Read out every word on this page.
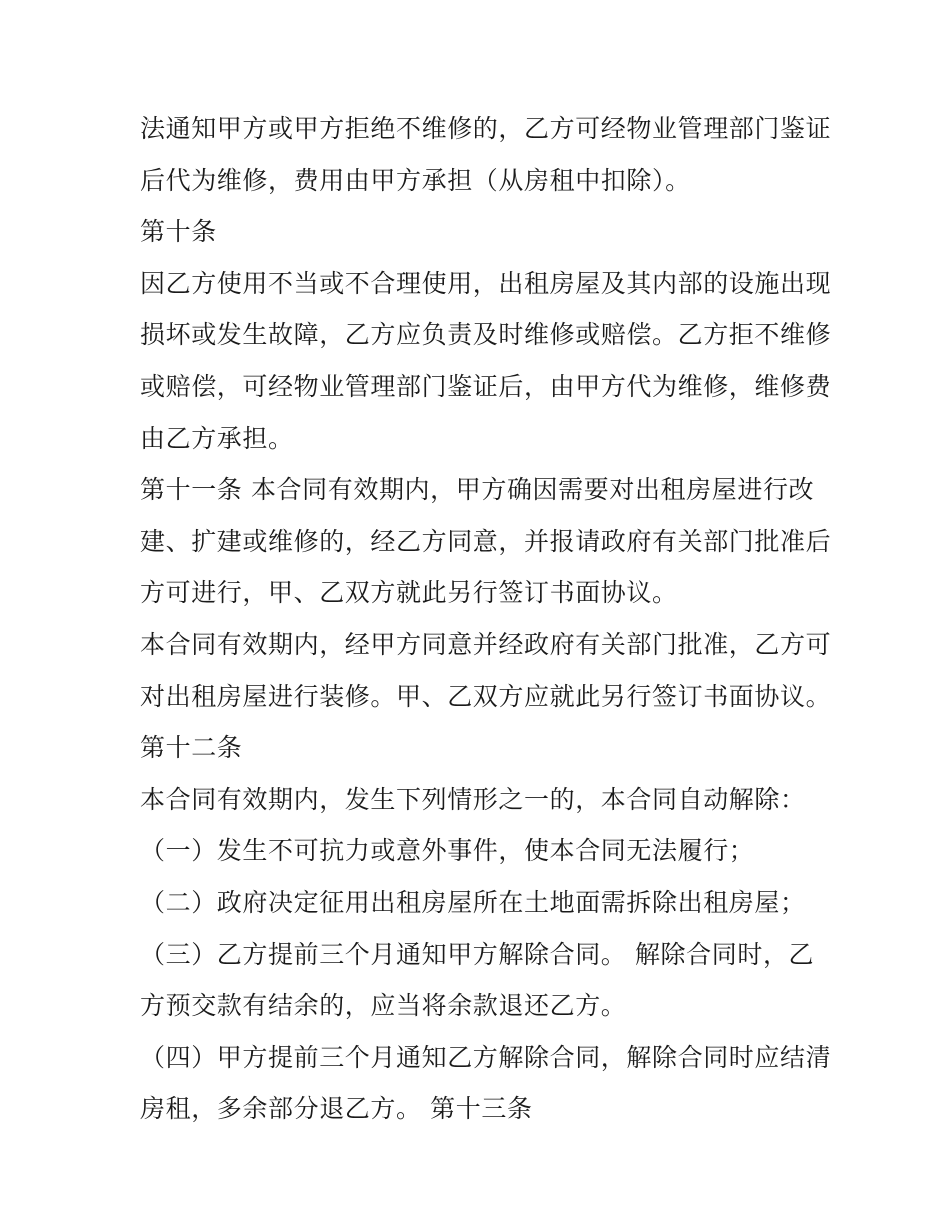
法通知甲方或甲方拒绝不维修的，乙方可经物业管理部门鉴证
后代为维修，费用由甲方承担（从房租中扣除）。
第十条
因乙方使用不当或不合理使用，出租房屋及其内部的设施出现
损坏或发生故障，乙方应负责及时维修或赔偿。乙方拒不维修
或赔偿，可经物业管理部门鉴证后，由甲方代为维修，维修费
由乙方承担。
第十一条 本合同有效期内，甲方确因需要对出租房屋进行改
建、扩建或维修的，经乙方同意，并报请政府有关部门批准后
方可进行，甲、乙双方就此另行签订书面协议。
本合同有效期内，经甲方同意并经政府有关部门批准，乙方可
对出租房屋进行装修。甲、乙双方应就此另行签订书面协议。
第十二条
本合同有效期内，发生下列情形之一的，本合同自动解除：
（一）发生不可抗力或意外事件，使本合同无法履行；
（二）政府决定征用出租房屋所在土地面需拆除出租房屋；
（三）乙方提前三个月通知甲方解除合同。 解除合同时，乙
方预交款有结余的，应当将余款退还乙方。
（四）甲方提前三个月通知乙方解除合同，解除合同时应结清
房租，多余部分退乙方。 第十三条
